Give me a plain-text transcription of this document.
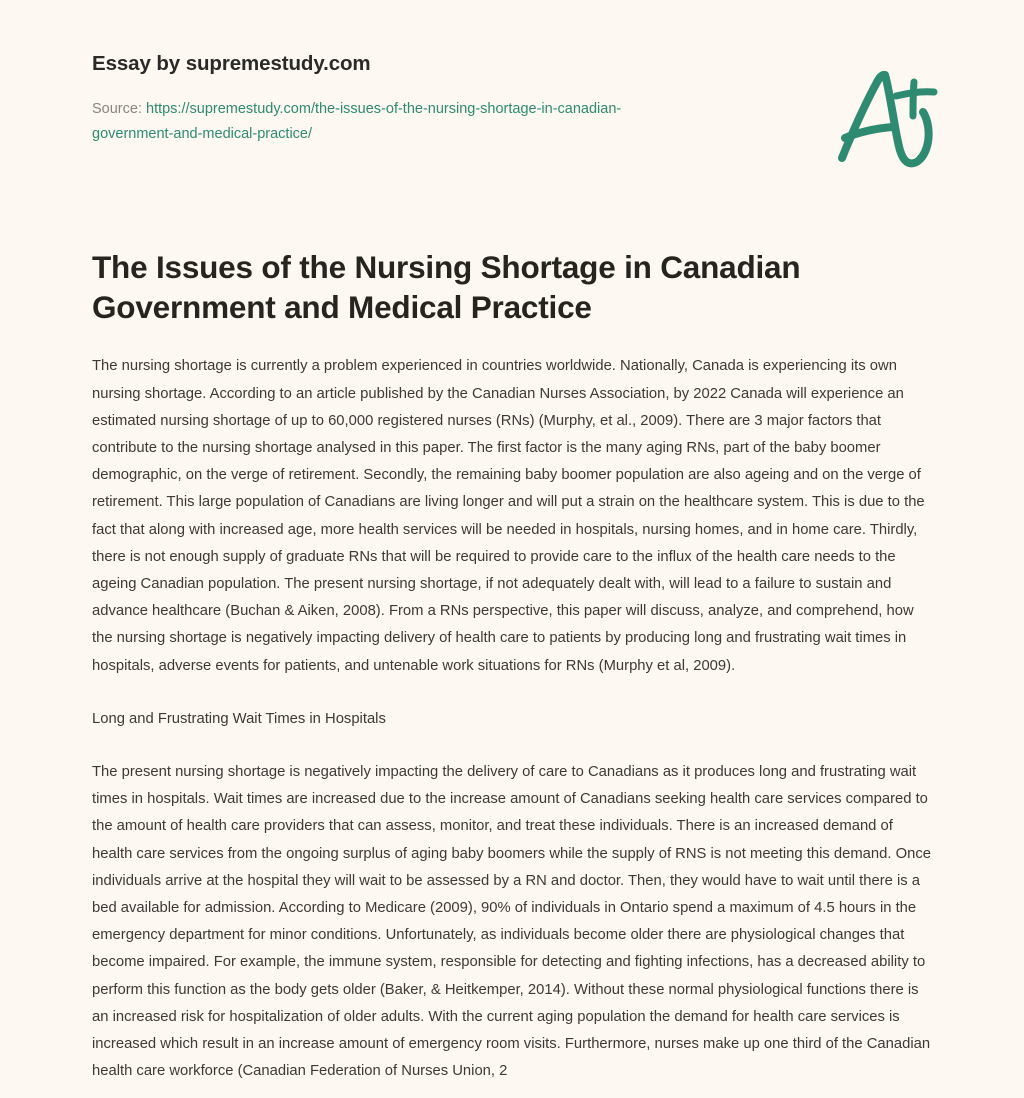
Essay by supremestudy.com
Source: https://supremestudy.com/the-issues-of-the-nursing-shortage-in-canadian-government-and-medical-practice/
The Issues of the Nursing Shortage in Canadian Government and Medical Practice

The nursing shortage is currently a problem experienced in countries worldwide. Nationally, Canada is experiencing its own nursing shortage. According to an article published by the Canadian Nurses Association, by 2022 Canada will experience an estimated nursing shortage of up to 60,000 registered nurses (RNs) (Murphy, et al., 2009). There are 3 major factors that contribute to the nursing shortage analysed in this paper. The first factor is the many aging RNs, part of the baby boomer demographic, on the verge of retirement. Secondly, the remaining baby boomer population are also ageing and on the verge of retirement. This large population of Canadians are living longer and will put a strain on the healthcare system. This is due to the fact that along with increased age, more health services will be needed in hospitals, nursing homes, and in home care. Thirdly, there is not enough supply of graduate RNs that will be required to provide care to the influx of the health care needs to the ageing Canadian population. The present nursing shortage, if not adequately dealt with, will lead to a failure to sustain and advance healthcare (Buchan & Aiken, 2008). From a RNs perspective, this paper will discuss, analyze, and comprehend, how the nursing shortage is negatively impacting delivery of health care to patients by producing long and frustrating wait times in hospitals, adverse events for patients, and untenable work situations for RNs (Murphy et al, 2009).

Long and Frustrating Wait Times in Hospitals

The present nursing shortage is negatively impacting the delivery of care to Canadians as it produces long and frustrating wait times in hospitals. Wait times are increased due to the increase amount of Canadians seeking health care services compared to the amount of health care providers that can assess, monitor, and treat these individuals. There is an increased demand of health care services from the ongoing surplus of aging baby boomers while the supply of RNS is not meeting this demand. Once individuals arrive at the hospital they will wait to be assessed by a RN and doctor. Then, they would have to wait until there is a bed available for admission. According to Medicare (2009), 90% of individuals in Ontario spend a maximum of 4.5 hours in the emergency department for minor conditions. Unfortunately, as individuals become older there are physiological changes that become impaired. For example, the immune system, responsible for detecting and fighting infections, has a decreased ability to perform this function as the body gets older (Baker, & Heitkemper, 2014). Without these normal physiological functions there is an increased risk for hospitalization of older adults. With the current aging population the demand for health care services is increased which result in an increase amount of emergency room visits. Furthermore, nurses make up one third of the Canadian health care workforce (Canadian Federation of Nurses Union, 2
